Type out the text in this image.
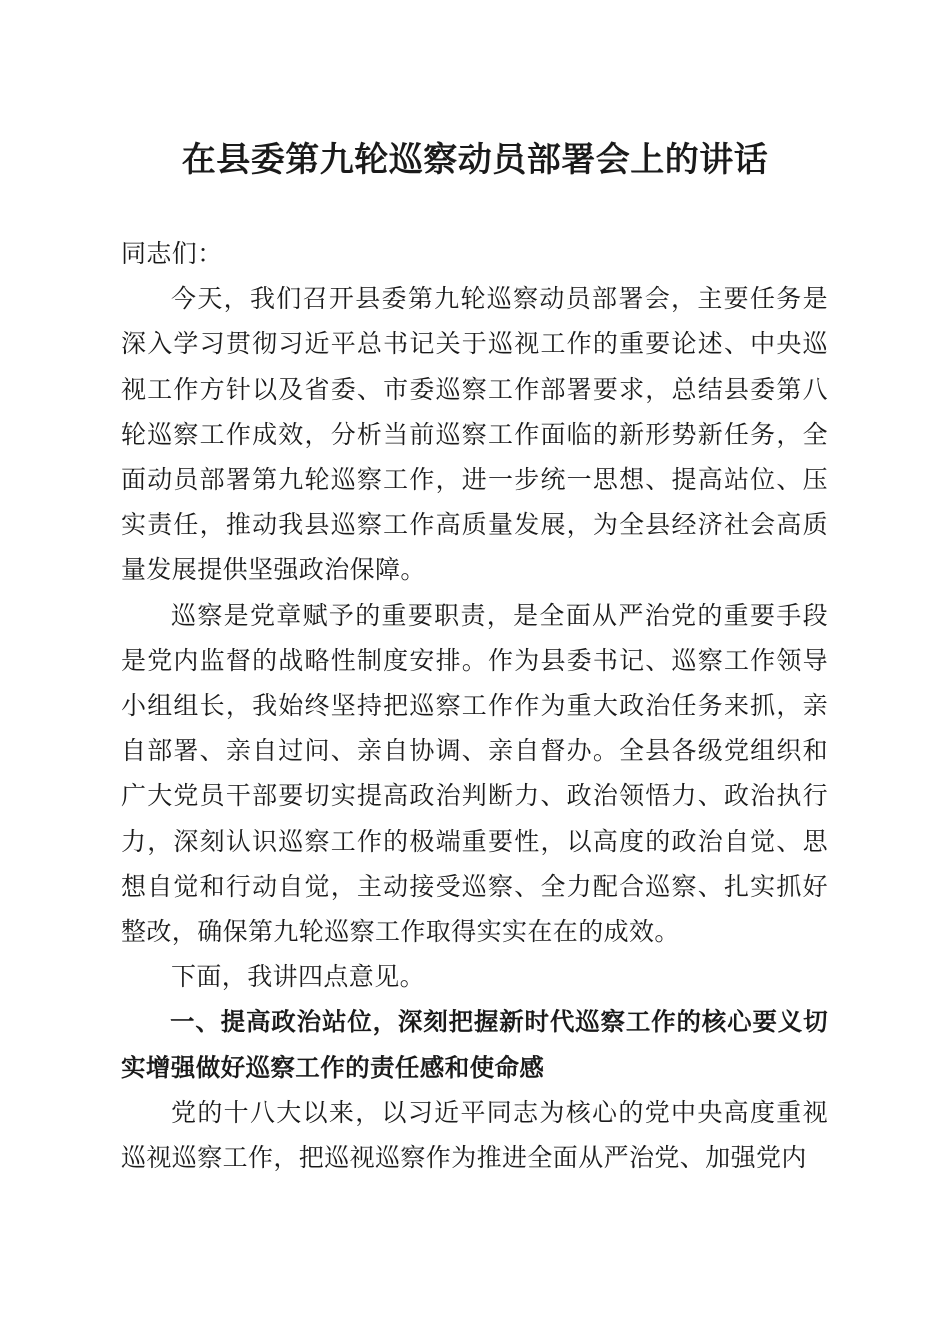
在县委第九轮巡察动员部署会上的讲话

同志们：

今天，我们召开县委第九轮巡察动员部署会，主要任务是深入学习贯彻习近平总书记关于巡视工作的重要论述、中央巡视工作方针以及省委、市委巡察工作部署要求，总结县委第八轮巡察工作成效，分析当前巡察工作面临的新形势新任务，全面动员部署第九轮巡察工作，进一步统一思想、提高站位、压实责任，推动我县巡察工作高质量发展，为全县经济社会高质量发展提供坚强政治保障。

巡察是党章赋予的重要职责，是全面从严治党的重要手段是党内监督的战略性制度安排。作为县委书记、巡察工作领导小组组长，我始终坚持把巡察工作作为重大政治任务来抓，亲自部署、亲自过问、亲自协调、亲自督办。全县各级党组织和广大党员干部要切实提高政治判断力、政治领悟力、政治执行力，深刻认识巡察工作的极端重要性，以高度的政治自觉、思想自觉和行动自觉，主动接受巡察、全力配合巡察、扎实抓好整改，确保第九轮巡察工作取得实实在在的成效。

下面，我讲四点意见。

一、提高政治站位，深刻把握新时代巡察工作的核心要义切实增强做好巡察工作的责任感和使命感

党的十八大以来，以习近平同志为核心的党中央高度重视巡视巡察工作，把巡视巡察作为推进全面从严治党、加强党内
